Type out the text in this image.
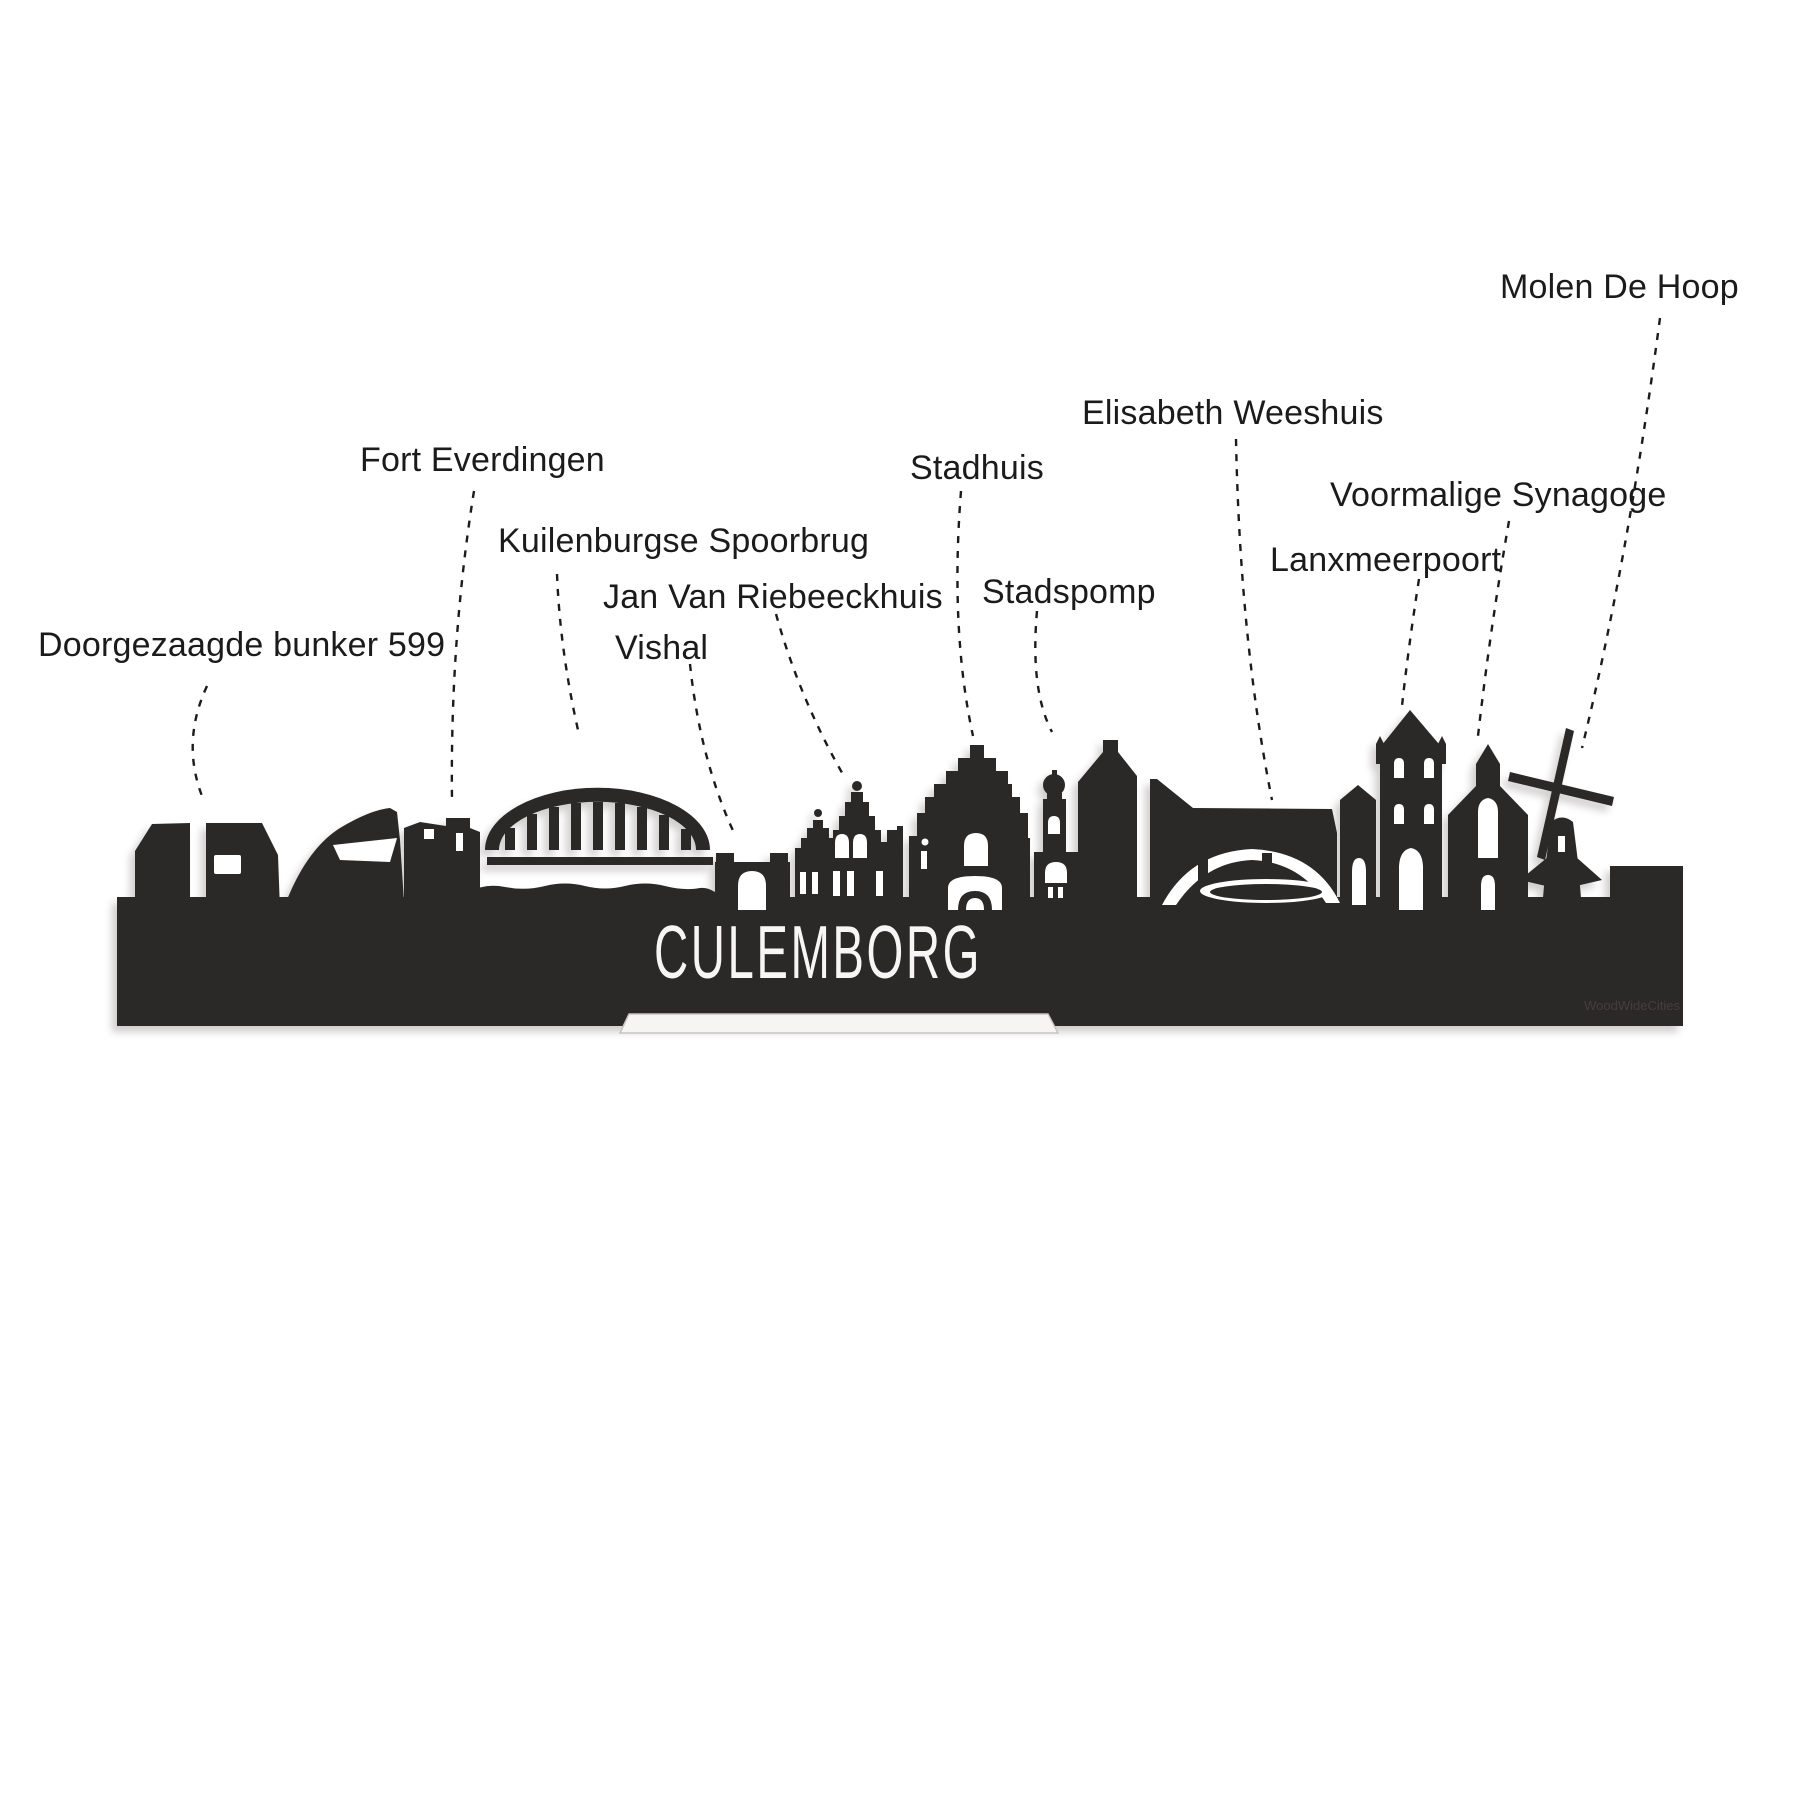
Doorgezaagde bunker 599
Fort Everdingen
Kuilenburgse Spoorbrug
Jan Van Riebeeckhuis
Vishal
Stadhuis
Stadspomp
Elisabeth Weeshuis
Lanxmeerpoort
Voormalige Synagoge
Molen De Hoop
CULEMBORG
WoodWideCities
